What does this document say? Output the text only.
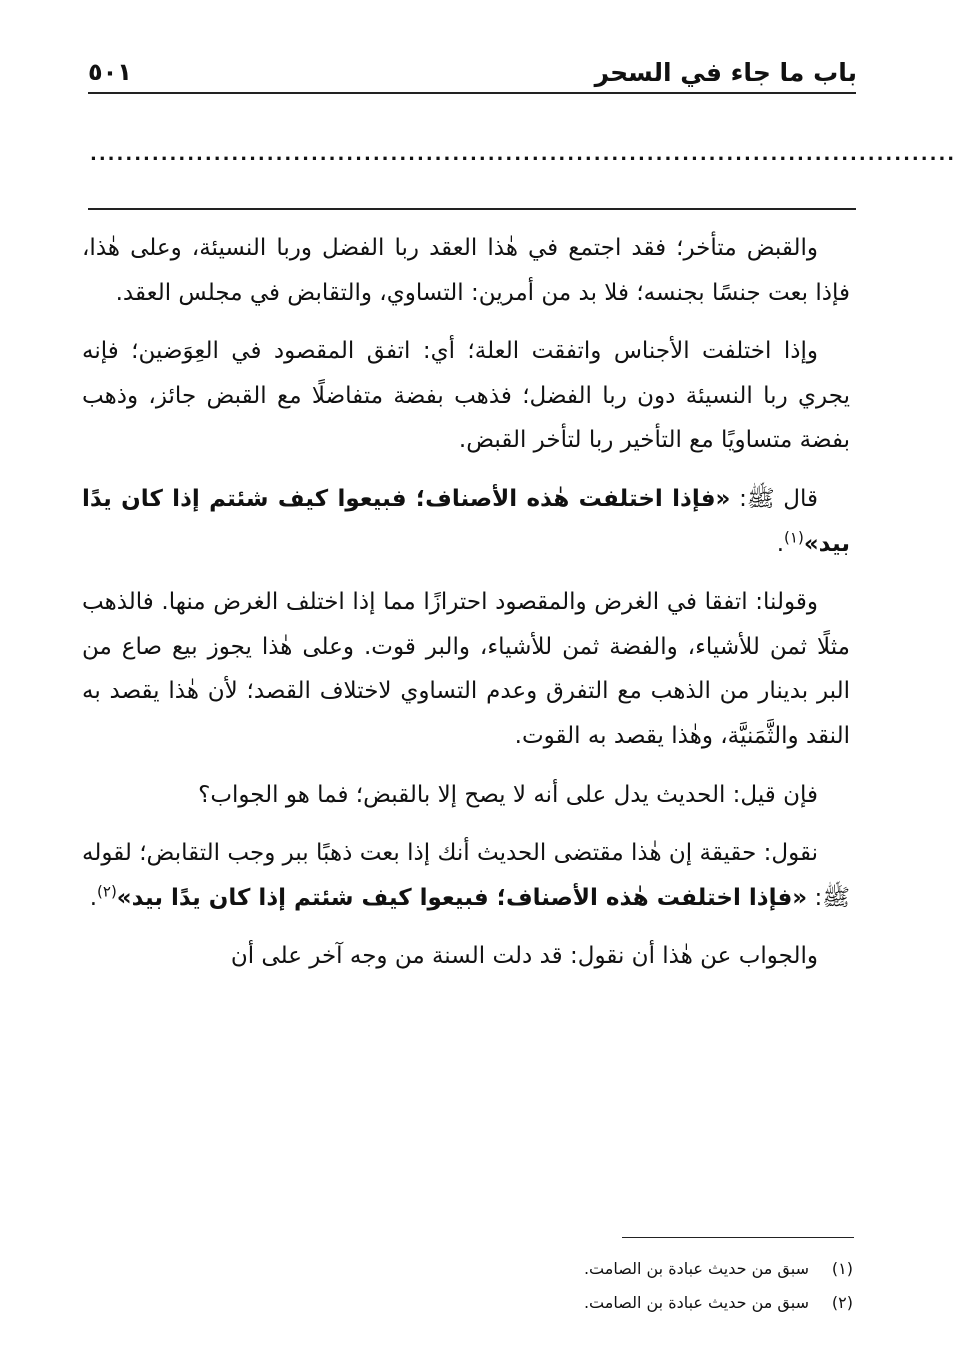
باب ما جاء في السحر
٥٠١
..................................................................................................

والقبض متأخر؛ فقد اجتمع في هٰذا العقد ربا الفضل وربا النسيئة، وعلى هٰذا، فإذا بعت جنسًا بجنسه؛ فلا بد من أمرين: التساوي، والتقابض في مجلس العقد.

وإذا اختلفت الأجناس واتفقت العلة؛ أي: اتفق المقصود في العِوَضين؛ فإنه يجري ربا النسيئة دون ربا الفضل؛ فذهب بفضة متفاضلًا مع القبض جائز، وذهب بفضة متساويًا مع التأخير ربا لتأخر القبض.

قال ﷺ: «فإذا اختلفت هٰذه الأصناف؛ فبيعوا كيف شئتم إذا كان يدًا بيد»$^{(١)}$.

وقولنا: اتفقا في الغرض والمقصود احترازًا مما إذا اختلف الغرض منها. فالذهب مثلًا ثمن للأشياء، والفضة ثمن للأشياء، والبر قوت. وعلى هٰذا يجوز بيع صاع من البر بدينار من الذهب مع التفرق وعدم التساوي لاختلاف القصد؛ لأن هٰذا يقصد به النقد والثَّمَنيَّة، وهٰذا يقصد به القوت.

فإن قيل: الحديث يدل على أنه لا يصح إلا بالقبض؛ فما هو الجواب؟

نقول: حقيقة إن هٰذا مقتضى الحديث أنك إذا بعت ذهبًا ببر وجب التقابض؛ لقوله ﷺ: «فإذا اختلفت هٰذه الأصناف؛ فبيعوا كيف شئتم إذا كان يدًا بيد»$^{(٢)}$.

والجواب عن هٰذا أن نقول: قد دلت السنة من وجه آخر على أن

(١)سبق من حديث عبادة بن الصامت.
(٢)سبق من حديث عبادة بن الصامت.
